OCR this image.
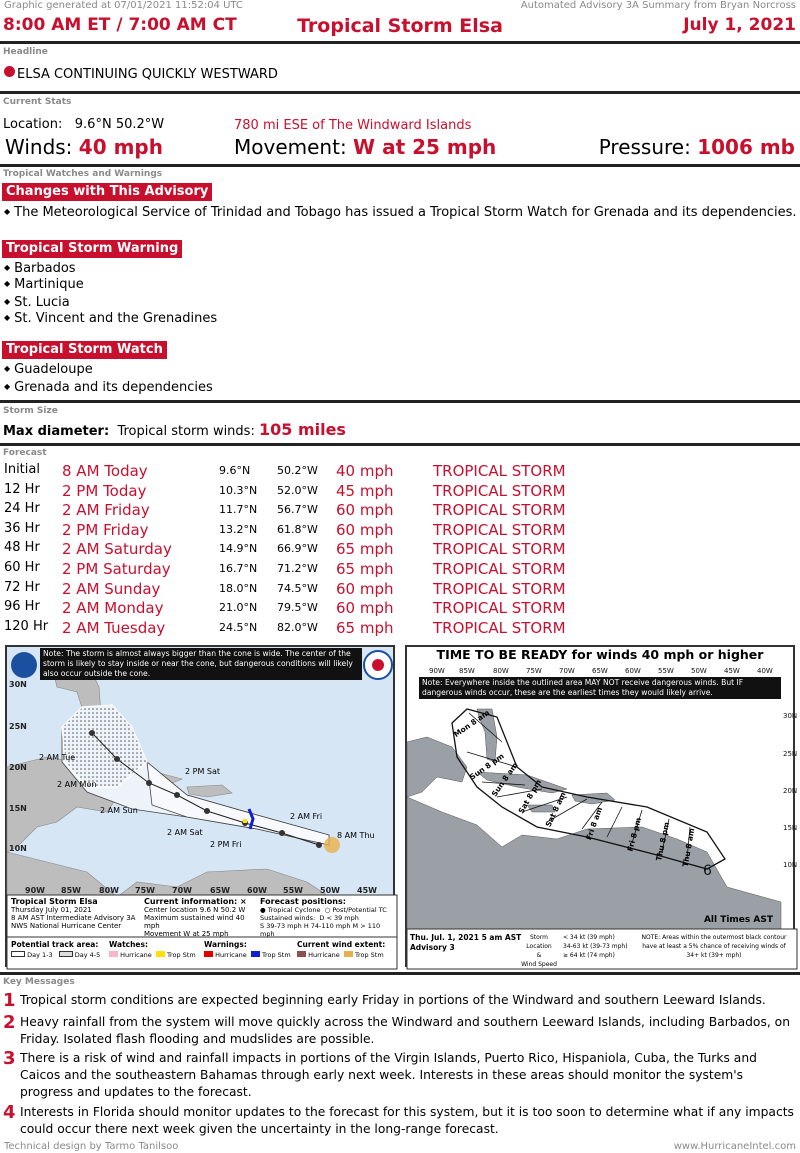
Graphic generated at 07/01/2021 11:52:04 UTC	Automated Advisory 3A Summary from Bryan Norcross
8:00 AM ET / 7:00 AM CT	Tropical Storm Elsa	July 1, 2021
Headline
ELSA CONTINUING QUICKLY WESTWARD
Current Stats
Location: 9.6°N 50.2°W	780 mi ESE of The Windward Islands
Winds: 40 mph	Movement: W at 25 mph	Pressure: 1006 mb
Tropical Watches and Warnings
Changes with This Advisory
◆ The Meteorological Service of Trinidad and Tobago has issued a Tropical Storm Watch for Grenada and its dependencies.
Tropical Storm Warning
◆ Barbados
◆ Martinique
◆ St. Lucia
◆ St. Vincent and the Grenadines
Tropical Storm Watch
◆ Guadeloupe
◆ Grenada and its dependencies
Storm Size
Max diameter: Tropical storm winds: 105 miles
Forecast
Initial 8 AM Today	9.6°N 50.2°W 40 mph	TROPICAL STORM
12 Hr 2 PM Today	10.3°N 52.0°W 45 mph	TROPICAL STORM
24 Hr 2 AM Friday	11.7°N 56.7°W 60 mph	TROPICAL STORM
36 Hr 2 PM Friday	13.2°N 61.8°W 60 mph	TROPICAL STORM
48 Hr 2 AM Saturday	14.9°N 66.9°W 65 mph	TROPICAL STORM
60 Hr 2 PM Saturday	16.7°N 71.2°W 65 mph	TROPICAL STORM
72 Hr 2 AM Sunday	18.0°N 74.5°W 60 mph	TROPICAL STORM
96 Hr 2 AM Monday	21.0°N 79.5°W 60 mph	TROPICAL STORM
120 Hr 2 AM Tuesday	24.5°N 82.0°W 65 mph	TROPICAL STORM
30N
25N
20N
15N
10N
90W 85W 80W 75W 70W 65W 60W 55W 50W 45W
2 AM Tue
2 AM Mon
2 AM Sun
2 PM Sat
2 AM Sat
2 PM Fri
2 AM Fri
8 AM Thu
Note: The storm is almost always bigger than the cone is wide. The center of the storm is likely to stay inside or near the cone, but dangerous conditions will likely also occur outside the cone.
Tropical Storm Elsa
Thursday July 01, 2021
8 AM AST Intermediate Advisory 3A
NWS National Hurricane Center
Current information: ×
Center location 9.6 N 50.2 W
Maximum sustained wind 40 mph
Movement W at 25 mph
Forecast positions:
● Tropical Cyclone ○ Post/Potential TC
Sustained winds: D < 39 mph
S 39-73 mph H 74-110 mph M > 110 mph
Potential track area:
Day 1-3	Day 4-5
Watches:
Hurricane Trop Stm
Warnings:
Hurricane Trop Stm
Current wind extent:
Hurricane Trop Stm
6
90W 85W	80W 75W 70W 65W 60W 55W 50W 45W 40W
30N
25N
20N
15N
10N
TIME TO BE READY for winds 40 mph or higher
Note: Everywhere inside the outlined area MAY NOT receive dangerous winds. But IF dangerous winds occur, these are the earliest times they would likely arrive.
Mon 8 am
Sun 8 pm
Sun 8 am
Sat 8 pm Sat 8 am Fri 8 am	Fri 8 pm Thu 8 pm Thu 8 am
All Times AST
Thu. Jul. 1, 2021 5 am AST
Advisory 3
Storm Location
&
Wind Speed
< 34 kt (39 mph)
34-63 kt (39-73 mph)
≥ 64 kt (74 mph)
NOTE: Areas within the outermost black contour have at least a 5% chance of receiving winds of 34+ kt (39+ mph)
Key Messages
1 Tropical storm conditions are expected beginning early Friday in portions of the Windward and southern Leeward Islands.
2 Heavy rainfall from the system will move quickly across the Windward and southern Leeward Islands, including Barbados, on Friday. Isolated flash flooding and mudslides are possible.
3 There is a risk of wind and rainfall impacts in portions of the Virgin Islands, Puerto Rico, Hispaniola, Cuba, the Turks and Caicos and the southeastern Bahamas through early next week. Interests in these areas should monitor the system's progress and updates to the forecast.
4 Interests in Florida should monitor updates to the forecast for this system, but it is too soon to determine what if any impacts could occur there next week given the uncertainty in the long-range forecast.
Technical design by Tarmo Tanilsoo	www.HurricaneIntel.com
